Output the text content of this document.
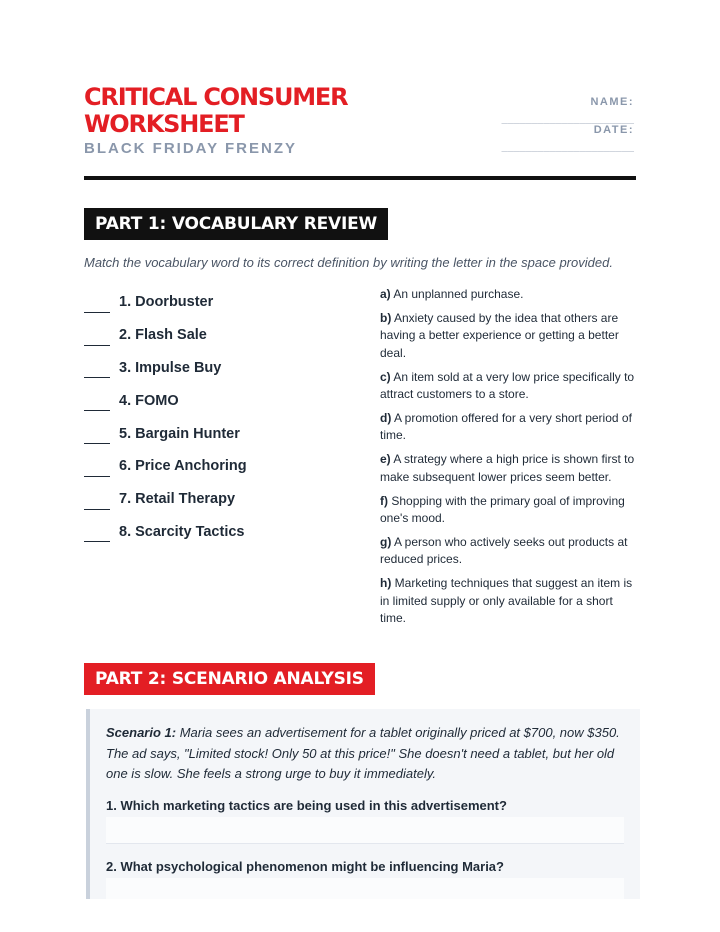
CRITICAL CONSUMER
WORKSHEET
BLACK FRIDAY FRENZY
NAME:
______________________
DATE:
______________________
PART 1: VOCABULARY REVIEW
Match the vocabulary word to its correct definition by writing the letter in the space provided.
1. Doorbuster
2. Flash Sale
3. Impulse Buy
4. FOMO
5. Bargain Hunter
6. Price Anchoring
7. Retail Therapy
8. Scarcity Tactics
a) An unplanned purchase.
b) Anxiety caused by the idea that others are having a better experience or getting a better deal.
c) An item sold at a very low price specifically to attract customers to a store.
d) A promotion offered for a very short period of time.
e) A strategy where a high price is shown first to make subsequent lower prices seem better.
f) Shopping with the primary goal of improving one's mood.
g) A person who actively seeks out products at reduced prices.
h) Marketing techniques that suggest an item is in limited supply or only available for a short time.
PART 2: SCENARIO ANALYSIS
Scenario 1: Maria sees an advertisement for a tablet originally priced at $700, now $350. The ad says, "Limited stock! Only 50 at this price!" She doesn't need a tablet, but her old one is slow. She feels a strong urge to buy it immediately.
1. Which marketing tactics are being used in this advertisement?
2. What psychological phenomenon might be influencing Maria?
